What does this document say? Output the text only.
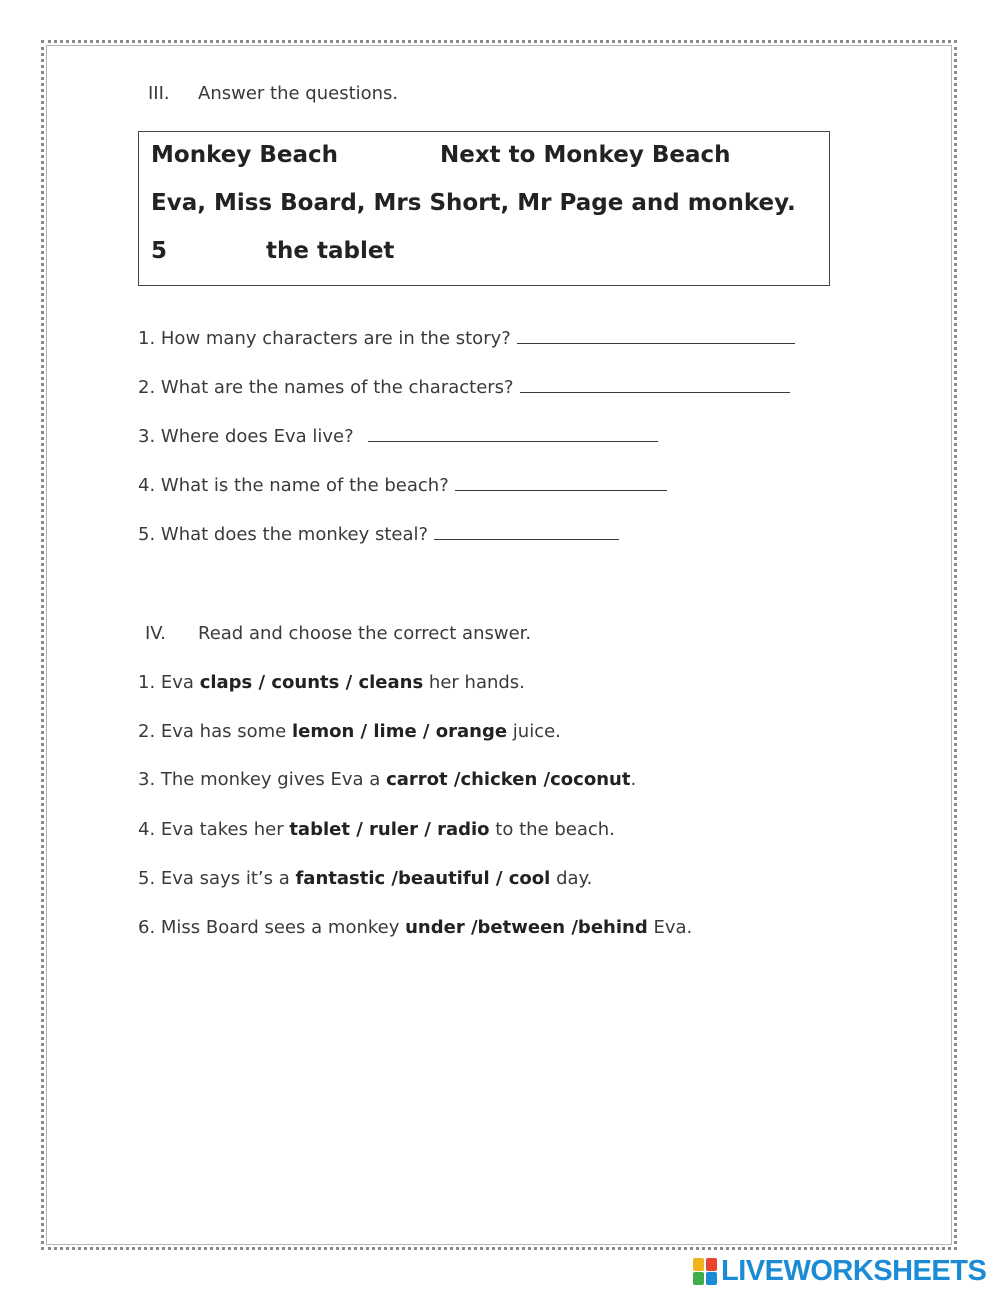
III. Answer the questions.
Monkey Beach	Next to Monkey Beach
Eva, Miss Board, Mrs Short, Mr Page and monkey.
5	the tablet
1. How many characters are in the story?
2. What are the names of the characters?
3. Where does Eva live?
4. What is the name of the beach?
5. What does the monkey steal?
IV. Read and choose the correct answer.
1. Eva claps / counts / cleans her hands.
2. Eva has some lemon / lime / orange juice.
3. The monkey gives Eva a carrot /chicken /coconut.
4. Eva takes her tablet / ruler / radio to the beach.
5. Eva says it’s a fantastic /beautiful / cool day.
6. Miss Board sees a monkey under /between /behind Eva.
LIVEWORKSHEETS
